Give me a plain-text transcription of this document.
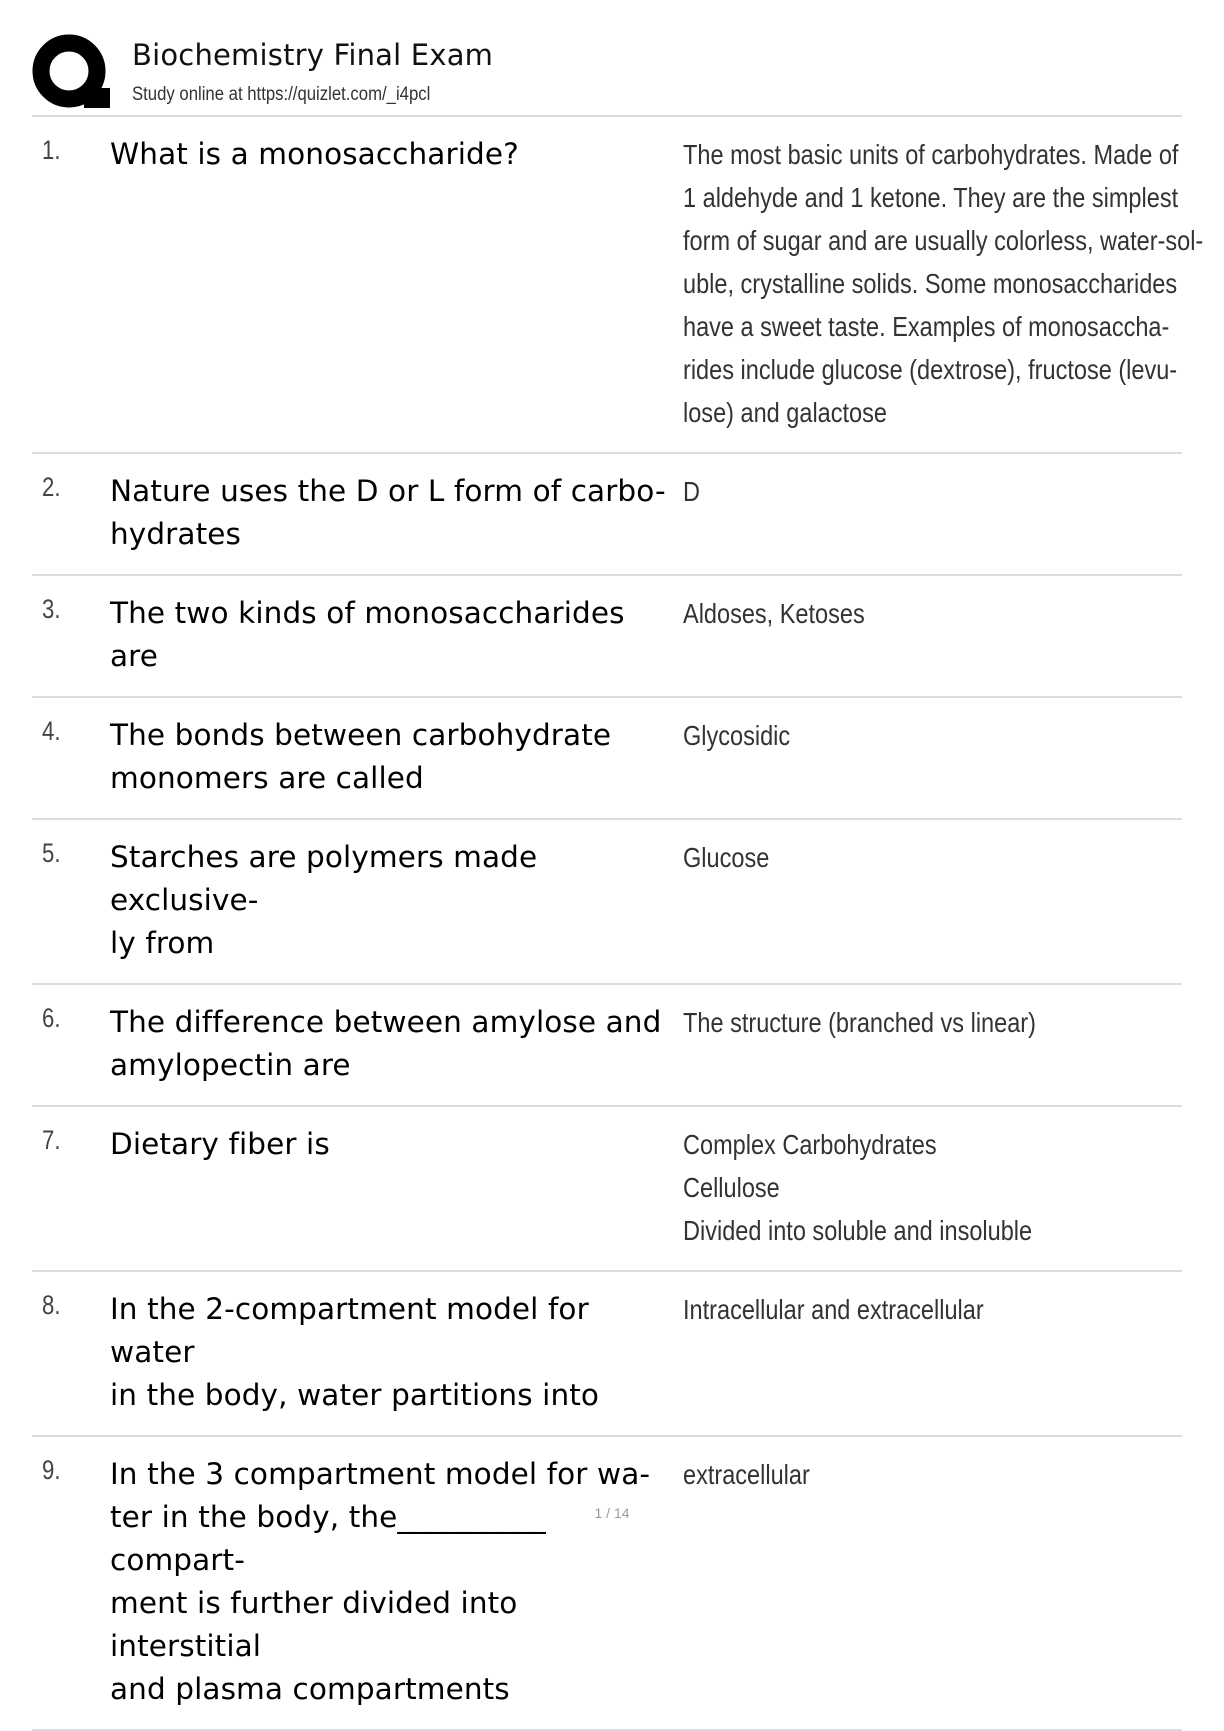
Biochemistry Final Exam
Study online at https://quizlet.com/_i4pcl
1. What is a monosaccharide?	The most basic units of carbohydrates. Made of
1 aldehyde and 1 ketone. They are the simplest
form of sugar and are usually colorless, water-sol-
uble, crystalline solids. Some monosaccharides
have a sweet taste. Examples of monosaccha-
rides include glucose (dextrose), fructose (levu-
lose) and galactose
2. Nature uses the D or L form of carbo-
hydrates
D
3. The two kinds of monosaccharides are
Aldoses, Ketoses
4. The bonds between carbohydrate
monomers are called
Glycosidic
5. Starches are polymers made exclusive-
ly from
Glucose
6. The difference between amylose and
amylopectin are
The structure (branched vs linear)
7. Dietary fiber is	Complex Carbohydrates
Cellulose
Divided into soluble and insoluble
8. In the 2-compartment model for water
in the body, water partitions into
Intracellular and extracellular
9. In the 3 compartment model for wa-
ter in the body, the__________ compart-
ment is further divided into interstitial
and plasma compartments
extracellular
1 / 14
